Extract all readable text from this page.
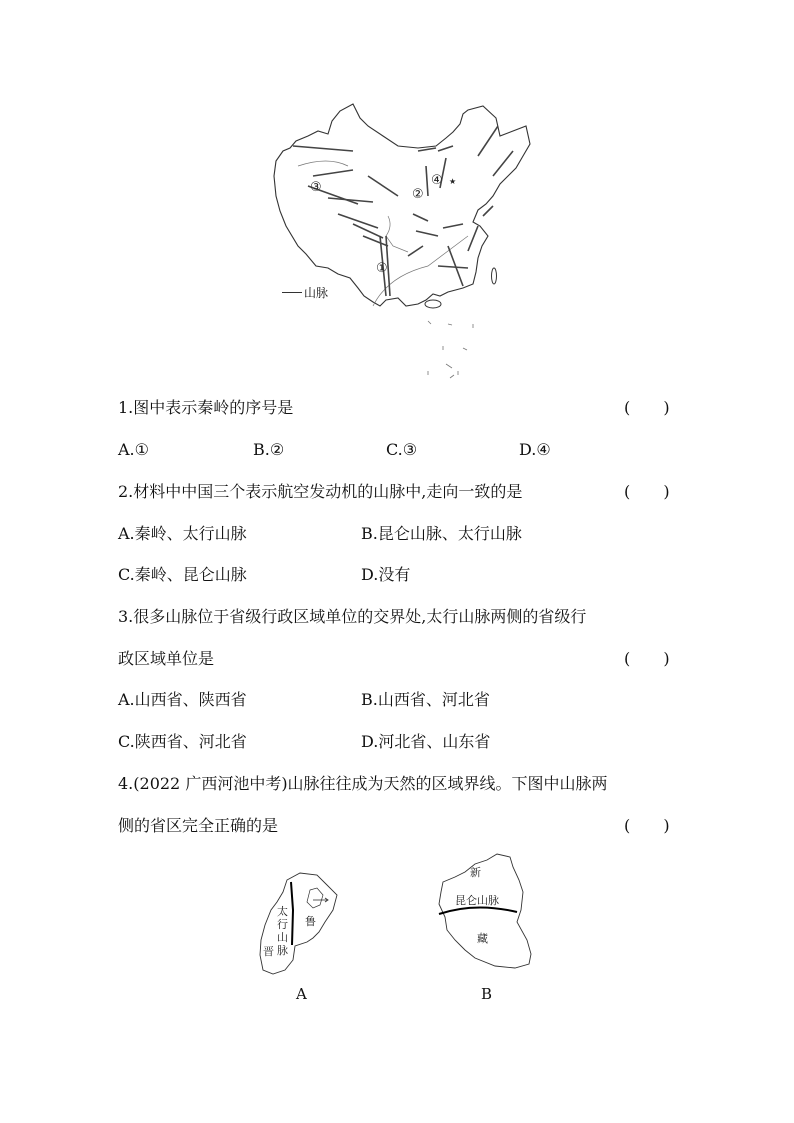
③	②
④ ★
①
山脉
1.图中表示秦岭的序号是	( )
A.①	B.②	C.③	D.④
2.材料中中国三个表示航空发动机的山脉中,走向一致的是	( )
A.秦岭、太行山脉	B.昆仑山脉、太行山脉
C.秦岭、昆仑山脉	D.没有
3.很多山脉位于省级行政区域单位的交界处,太行山脉两侧的省级行
政区域单位是	( )
A.山西省、陕西省	B.山西省、河北省
C.陕西省、河北省	D.河北省、山东省
4.(2022 广西河池中考)山脉往往成为天然的区域界线。下图中山脉两
侧的省区完全正确的是	( )
太
行
山
脉
晋
鲁
A
新
昆仑山脉
藏
B
